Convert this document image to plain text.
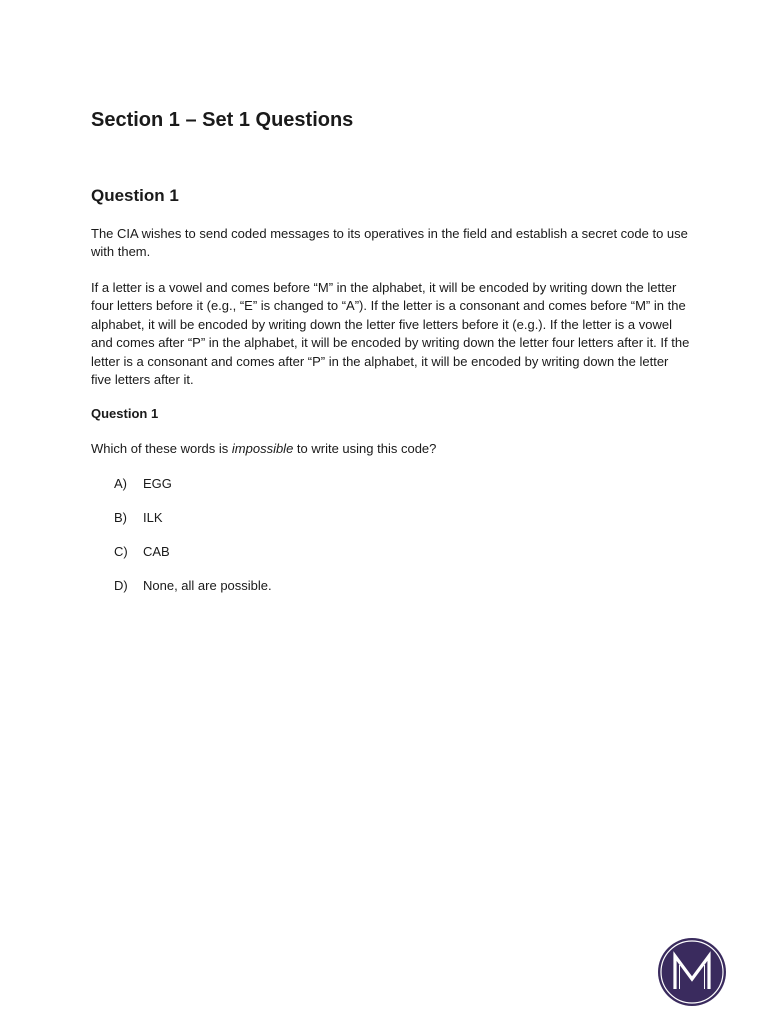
Section 1 – Set 1 Questions
Question 1

The CIA wishes to send coded messages to its operatives in the field and establish a secret code to use with them.

If a letter is a vowel and comes before “M” in the alphabet, it will be encoded by writing down the letter four letters before it (e.g., “E” is changed to “A”). If the letter is a consonant and comes before “M” in the alphabet, it will be encoded by writing down the letter five letters before it (e.g.). If the letter is a vowel and comes after “P” in the alphabet, it will be encoded by writing down the letter four letters after it. If the letter is a consonant and comes after “P” in the alphabet, it will be encoded by writing down the letter five letters after it.

Question 1

Which of these words is impossible to write using this code?

A) EGG
B) ILK
C) CAB
D) None, all are possible.
